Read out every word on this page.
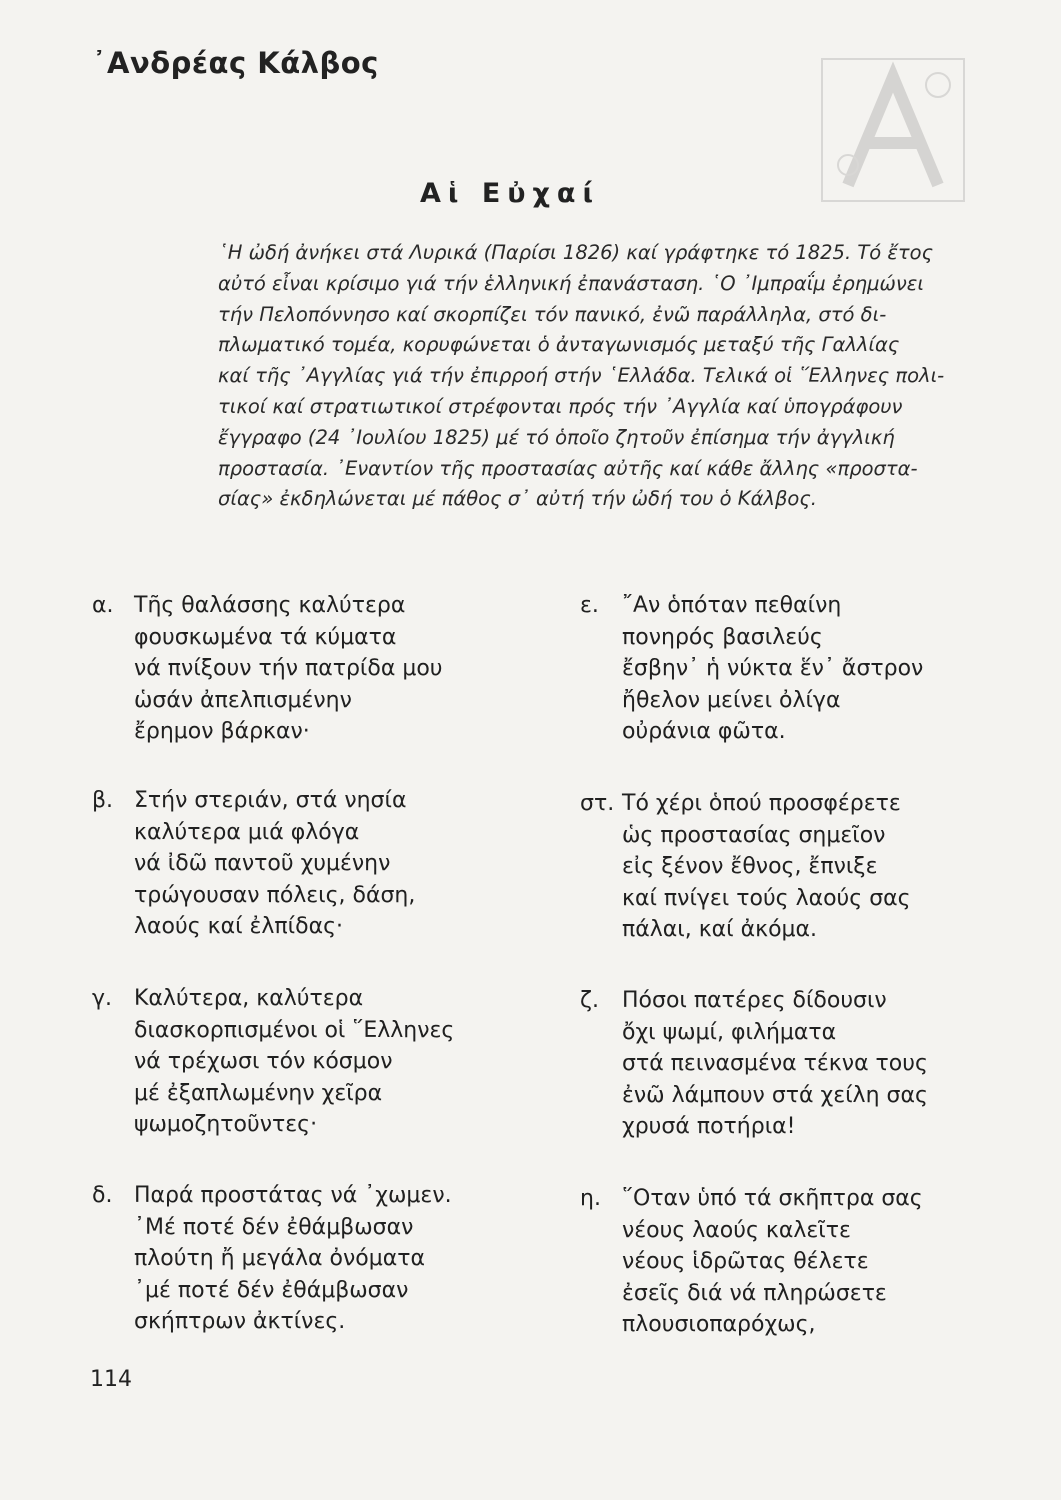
᾿Ανδρέας Κάλβος
Αἱ Εὐχαί
῾Η ὠδή ἀνήκει στά Λυρικά (Παρίσι 1826) καί γράφτηκε τό 1825. Τό ἔτος
αὐτό εἶναι κρίσιμο γιά τήν ἑλληνική ἐπανάσταση. ῾Ο ᾿Ιμπραΐμ ἐρημώνει
τήν Πελοπόννησο καί σκορπίζει τόν πανικό, ἐνῶ παράλληλα, στό δι-
πλωματικό τομέα, κορυφώνεται ὁ ἀνταγωνισμός μεταξύ τῆς Γαλλίας
καί τῆς ᾿Αγγλίας γιά τήν ἐπιρροή στήν ῾Ελλάδα. Τελικά οἱ ῞Ελληνες πολι-
τικοί καί στρατιωτικοί στρέφονται πρός τήν ᾿Αγγλία καί ὑπογράφουν
ἔγγραφο (24 ᾿Ιουλίου 1825) μέ τό ὁποῖο ζητοῦν ἐπίσημα τήν ἀγγλική
προστασία. ᾿Εναντίον τῆς προστασίας αὐτῆς καί κάθε ἄλλης «προστα-
σίας» ἐκδηλώνεται μέ πάθος σ᾿ αὐτή τήν ὠδή του ὁ Κάλβος.
α. Τῆς θαλάσσης καλύτερα
φουσκωμένα τά κύματα
νά πνίξουν τήν πατρίδα μου
ὡσάν ἀπελπισμένην
ἔρημον βάρκαν·
β. Στήν στεριάν, στά νησία
καλύτερα μιά φλόγα
νά ἰδῶ παντοῦ χυμένην
τρώγουσαν πόλεις, δάση,
λαούς καί ἐλπίδας·
γ. Καλύτερα, καλύτερα
διασκορπισμένοι οἱ ῞Ελληνες
νά τρέχωσι τόν κόσμον
μέ ἐξαπλωμένην χεῖρα
ψωμοζητοῦντες·
δ. Παρά προστάτας νά ᾿χωμεν.
᾿Μέ ποτέ δέν ἐθάμβωσαν
πλούτη ἤ μεγάλα ὀνόματα
᾿μέ ποτέ δέν ἐθάμβωσαν
σκήπτρων ἀκτίνες.
ε. ῎Αν ὁπόταν πεθαίνη
πονηρός βασιλεύς
ἔσβην᾿ ἡ νύκτα ἕν᾿ ἄστρον
ἤθελον μείνει ὀλίγα
οὐράνια φῶτα.
στ. Τό χέρι ὁπού προσφέρετε
ὡς προστασίας σημεῖον
εἰς ξένον ἔθνος, ἔπνιξε
καί πνίγει τούς λαούς σας
πάλαι, καί ἀκόμα.
ζ. Πόσοι πατέρες δίδουσιν
ὄχι ψωμί, φιλήματα
στά πεινασμένα τέκνα τους
ἐνῶ λάμπουν στά χείλη σας
χρυσά ποτήρια!
η. ῞Οταν ὑπό τά σκῆπτρα σας
νέους λαούς καλεῖτε
νέους ἱδρῶτας θέλετε
ἐσεῖς διά νά πληρώσετε
πλουσιοπαρόχως,
114
